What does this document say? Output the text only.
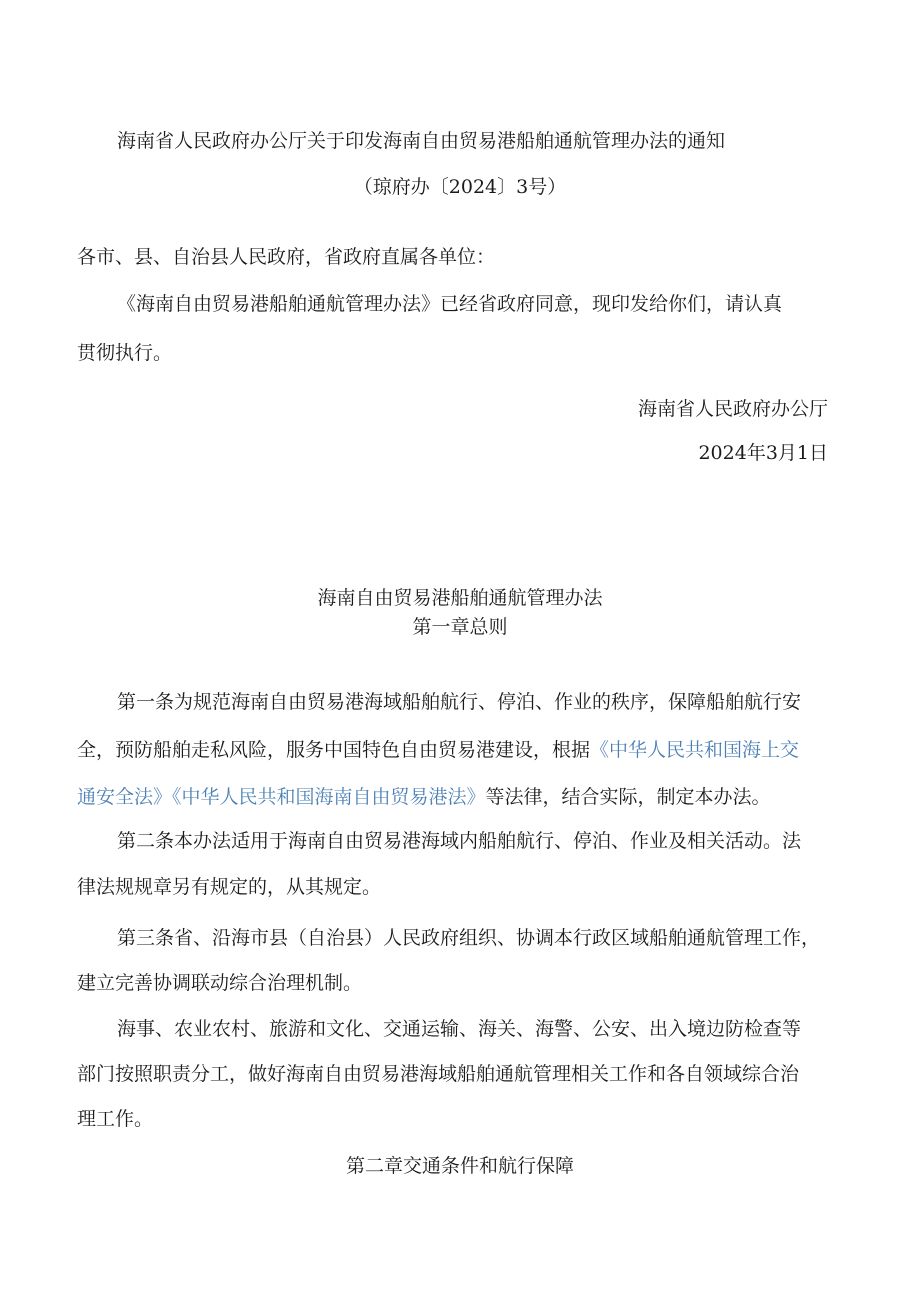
海南省人民政府办公厅关于印发海南自由贸易港船舶通航管理办法的通知
（琼府办〔2024〕3号）
各市、县、自治县人民政府，省政府直属各单位：
《海南自由贸易港船舶通航管理办法》已经省政府同意，现印发给你们，请认真
贯彻执行。
海南省人民政府办公厅
2024年3月1日
海南自由贸易港船舶通航管理办法
第一章总则
第一条为规范海南自由贸易港海域船舶航行、停泊、作业的秩序，保障船舶航行安
全，预防船舶走私风险，服务中国特色自由贸易港建设，根据《中华人民共和国海上交
通安全法》《中华人民共和国海南自由贸易港法》等法律，结合实际，制定本办法。
第二条本办法适用于海南自由贸易港海域内船舶航行、停泊、作业及相关活动。法
律法规规章另有规定的，从其规定。
第三条省、沿海市县（自治县）人民政府组织、协调本行政区域船舶通航管理工作，
建立完善协调联动综合治理机制。
海事、农业农村、旅游和文化、交通运输、海关、海警、公安、出入境边防检查等
部门按照职责分工，做好海南自由贸易港海域船舶通航管理相关工作和各自领域综合治
理工作。
第二章交通条件和航行保障
